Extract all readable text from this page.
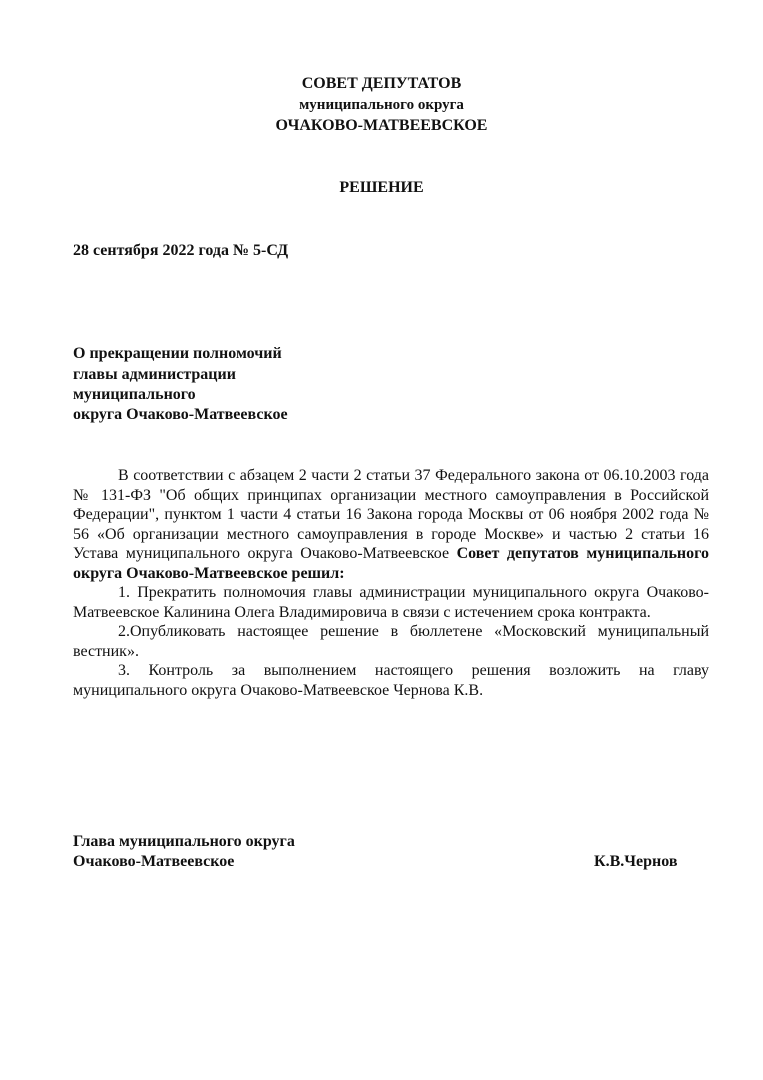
СОВЕТ ДЕПУТАТОВ
муниципального округа
ОЧАКОВО-МАТВЕЕВСКОЕ
РЕШЕНИЕ
28 сентября 2022 года № 5-СД
О прекращении полномочий
главы администрации
муниципального
округа Очаково-Матвеевское

В соответствии с абзацем 2 части 2 статьи 37 Федерального закона от 06.10.2003 года № 131-ФЗ "Об общих принципах организации местного самоуправления в Российской Федерации", пунктом 1 части 4 статьи 16 Закона города Москвы от 06 ноября 2002 года № 56 «Об организации местного самоуправления в городе Москве» и частью 2 статьи 16 Устава муниципального округа Очаково-Матвеевское Совет депутатов муниципального округа Очаково-Матвеевское решил:

1. Прекратить полномочия главы администрации муниципального округа Очаково-Матвеевское Калинина Олега Владимировича в связи с истечением срока контракта.

2.Опубликовать настоящее решение в бюллетене «Московский муниципальный вестник».

3. Контроль за выполнением настоящего решения возложить на главу муниципального округа Очаково-Матвеевское Чернова К.В.

Глава муниципального округа
Очаково-Матвеевское	К.В.Чернов
